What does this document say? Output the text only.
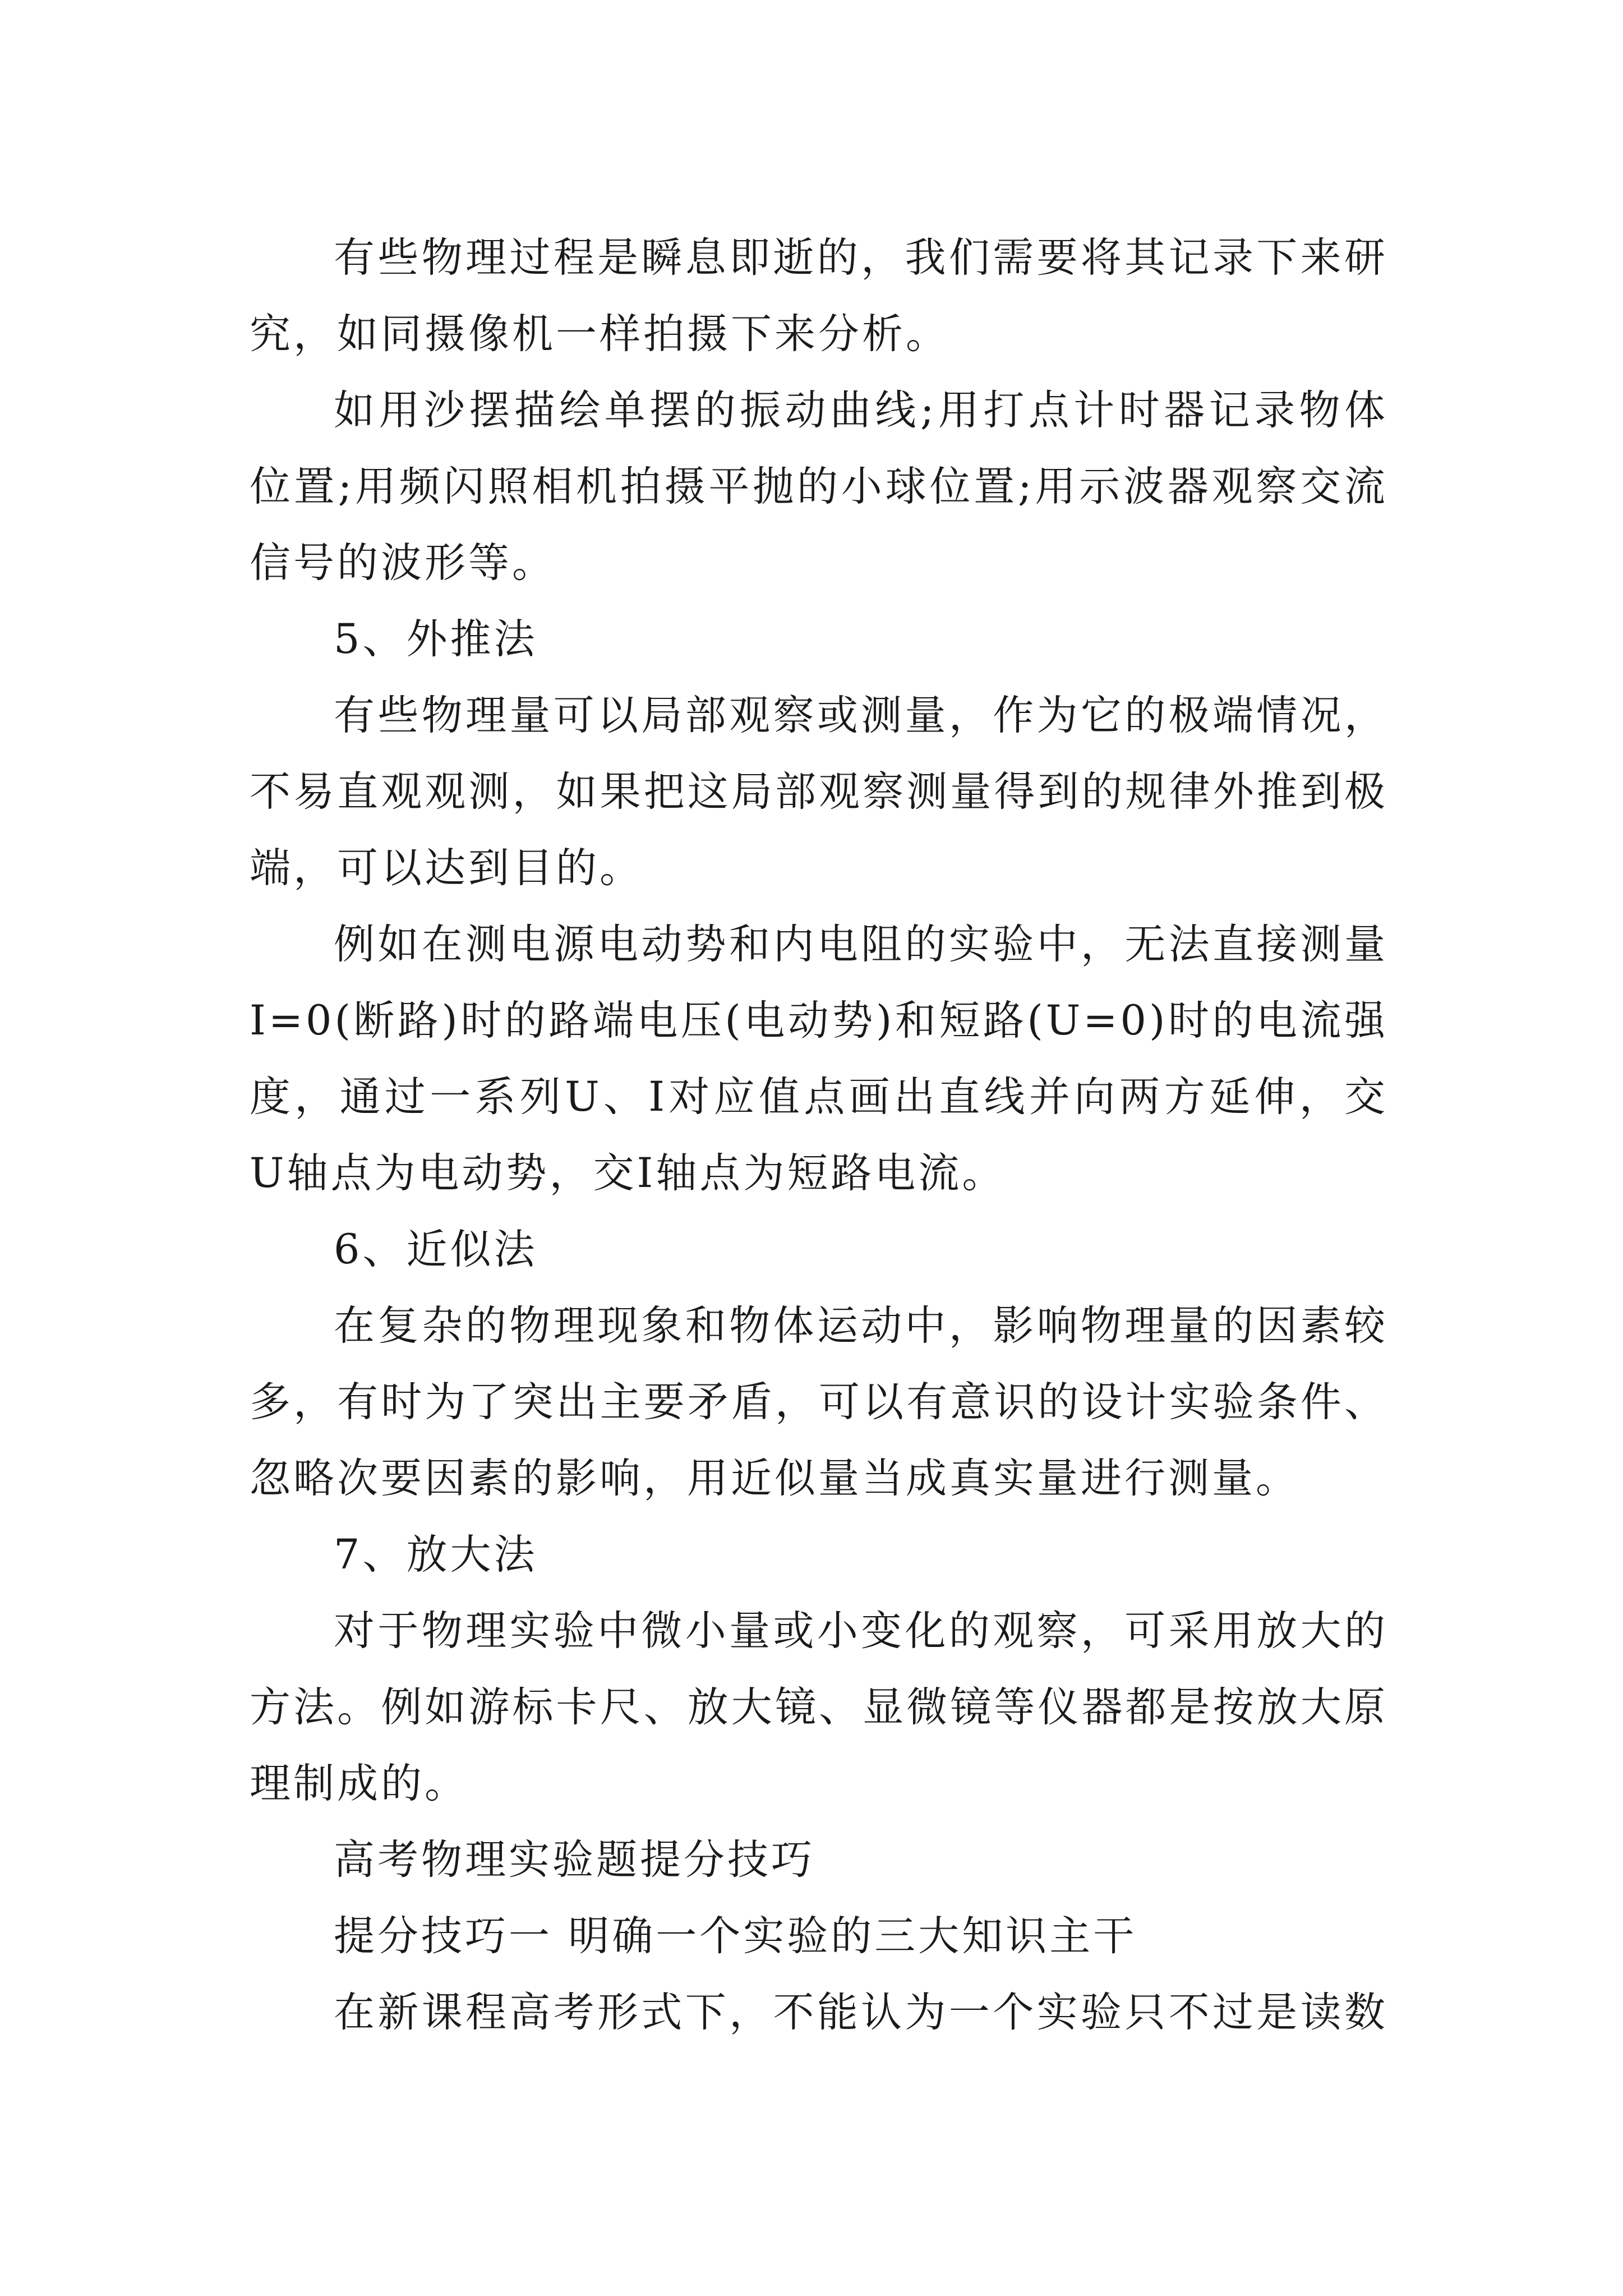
有些物理过程是瞬息即逝的，我们需要将其记录下来研究，如同摄像机一样拍摄下来分析。

如用沙摆描绘单摆的振动曲线;用打点计时器记录物体位置;用频闪照相机拍摄平抛的小球位置;用示波器观察交流信号的波形等。

5、外推法

有些物理量可以局部观察或测量，作为它的极端情况，不易直观观测，如果把这局部观察测量得到的规律外推到极端，可以达到目的。

例如在测电源电动势和内电阻的实验中，无法直接测量I=0(断路)时的路端电压(电动势)和短路(U=0)时的电流强度，通过一系列U、I对应值点画出直线并向两方延伸，交U轴点为电动势，交I轴点为短路电流。

6、近似法

在复杂的物理现象和物体运动中，影响物理量的因素较多，有时为了突出主要矛盾，可以有意识的设计实验条件、忽略次要因素的影响，用近似量当成真实量进行测量。

7、放大法

对于物理实验中微小量或小变化的观察，可采用放大的方法。例如游标卡尺、放大镜、显微镜等仪器都是按放大原理制成的。

高考物理实验题提分技巧

提分技巧一 明确一个实验的三大知识主干

在新课程高考形式下，不能认为一个实验只不过是读数
